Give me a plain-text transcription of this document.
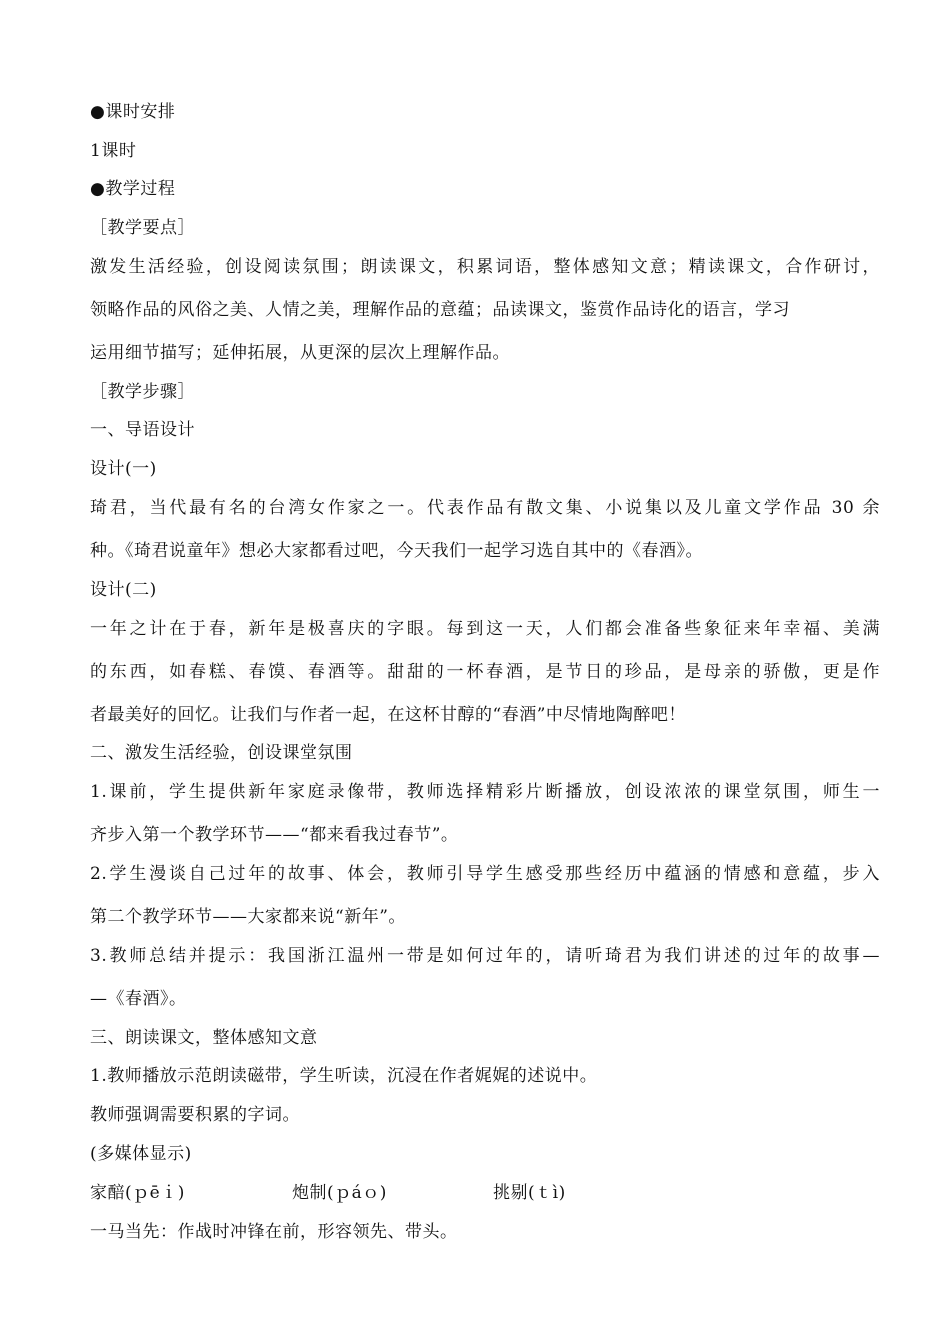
●课时安排
1课时
●教学过程
［教学要点］
激发生活经验，创设阅读氛围；朗读课文，积累词语，整体感知文意；精读课文，合作研讨，
领略作品的风俗之美、人情之美，理解作品的意蕴；品读课文，鉴赏作品诗化的语言，学习
运用细节描写；延伸拓展，从更深的层次上理解作品。
［教学步骤］
一、导语设计
设计(一)
琦君，当代最有名的台湾女作家之一。代表作品有散文集、小说集以及儿童文学作品 30 余
种。《琦君说童年》想必大家都看过吧，今天我们一起学习选自其中的《春酒》。
设计(二)
一年之计在于春，新年是极喜庆的字眼。每到这一天，人们都会准备些象征来年幸福、美满
的东西，如春糕、春馍、春酒等。甜甜的一杯春酒，是节日的珍品，是母亲的骄傲，更是作
者最美好的回忆。让我们与作者一起，在这杯甘醇的“春酒”中尽情地陶醉吧！
二、激发生活经验，创设课堂氛围
1.课前，学生提供新年家庭录像带，教师选择精彩片断播放，创设浓浓的课堂氛围，师生一
齐步入第一个教学环节——“都来看我过春节”。
2.学生漫谈自己过年的故事、体会，教师引导学生感受那些经历中蕴涵的情感和意蕴，步入
第二个教学环节——大家都来说“新年”。
3.教师总结并提示：我国浙江温州一带是如何过年的，请听琦君为我们讲述的过年的故事—
—《春酒》。
三、朗读课文，整体感知文意
1.教师播放示范朗读磁带，学生听读，沉浸在作者娓娓的述说中。
教师强调需要积累的字词。
(多媒体显示)
家醅(ｐēｉ)	炮制(ｐáｏ)	挑剔(ｔì)
一马当先：作战时冲锋在前，形容领先、带头。
